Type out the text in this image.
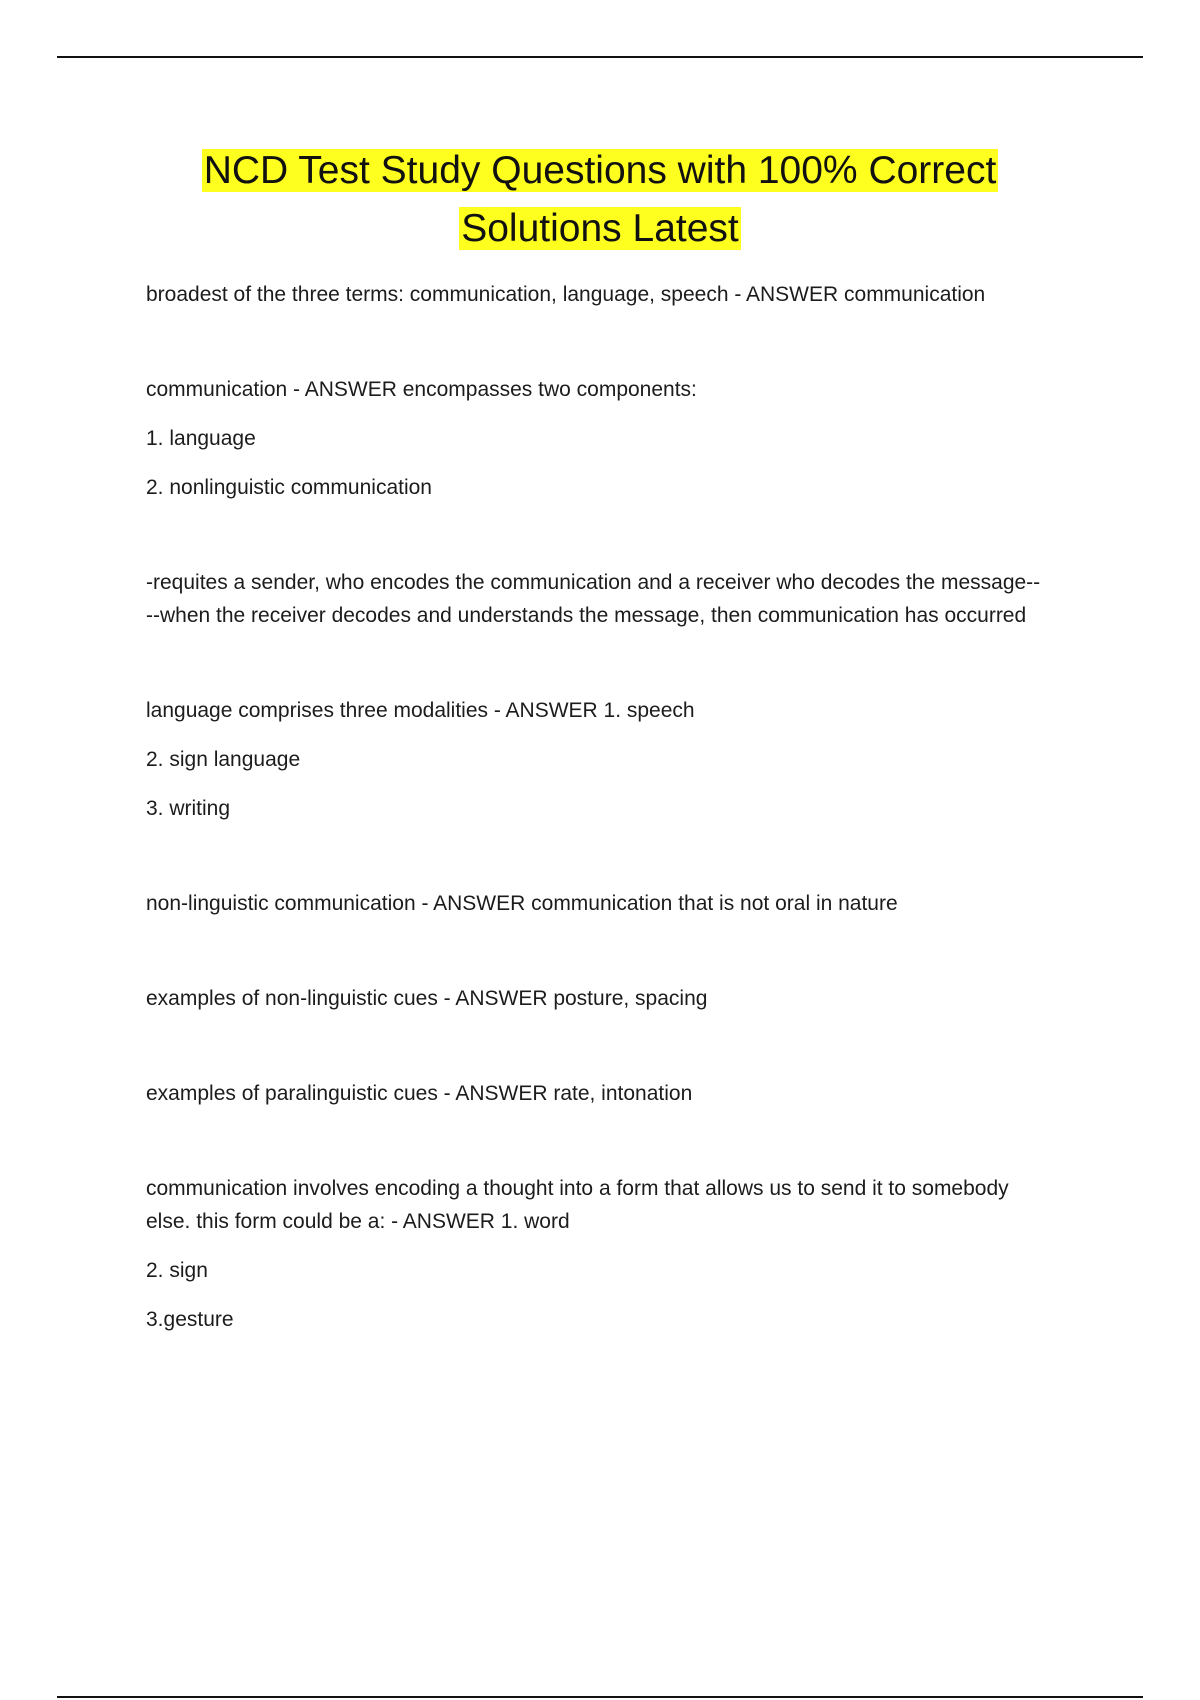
NCD Test Study Questions with 100% Correct
Solutions Latest
broadest of the three terms: communication, language, speech - ANSWER communication
communication - ANSWER encompasses two components:
1. language
2. nonlinguistic communication
-requites a sender, who encodes the communication and a receiver who decodes the message--
--when the receiver decodes and understands the message, then communication has occurred
language comprises three modalities - ANSWER 1. speech
2. sign language
3. writing
non-linguistic communication - ANSWER communication that is not oral in nature
examples of non-linguistic cues - ANSWER posture, spacing
examples of paralinguistic cues - ANSWER rate, intonation
communication involves encoding a thought into a form that allows us to send it to somebody
else. this form could be a: - ANSWER 1. word
2. sign
3.gesture
